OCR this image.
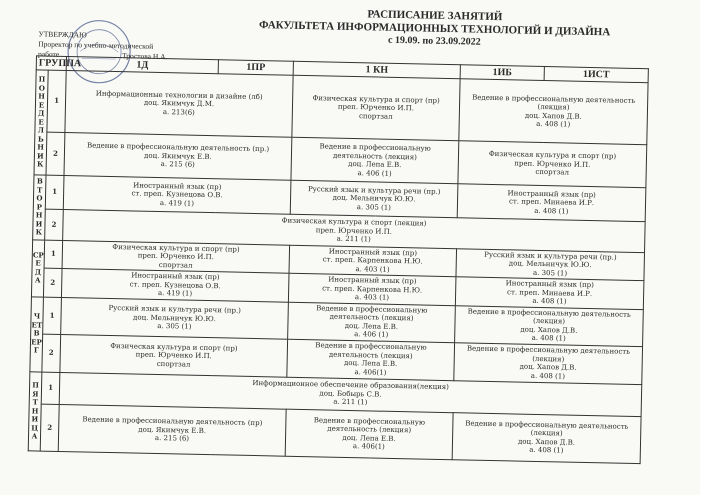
РАСПИСАНИЕ ЗАНЯТИЙ
ФАКУЛЬТЕТА ИНФОРМАЦИОННЫХ ТЕХНОЛОГИЙ И ДИЗАЙНА
с 19.09. по 23.09.2022
УТВЕРЖДАЮ
Проректор по учебно-методической
работе	Тростова Н.А.
ГРУППА		1Д	1ПР	1 КН	1ИБ	1ИСТ
ПОНЕДЕЛЬНИК	1	Информационные технологии в дизайне (лб)
доц. Якимчук Д.М.
а. 213(6)		Физическая культура и спорт (пр)
преп. Юрченко И.П.
спортзал	Ведение в профессиональную деятельность (лекция)
доц. Хапов Д.В.
а. 408 (1)	
	2	Ведение в профессиональную деятельность (пр.)
доц. Якимчук Е.В.
а. 215 (6)		Ведение в профессиональную деятельность (лекция)
доц. Лепа Е.В.
а. 406 (1)	Физическая культура и спорт (пр)
преп. Юрченко И.П.
спортзал	
ВТОРНИК	1	Иностранный язык (пр)
ст. преп. Кузнецова О.В.
а. 419 (1)		Русский язык и культура речи (пр.)
доц. Мельничук Ю.Ю.
а. 305 (1)	Иностранный язык (пр)
ст. преп. Минаева И.Р.
а. 408 (1)	
	2	Физическая культура и спорт (лекция)
преп. Юрченко И.П.
а. 211 (1)				
СРЕДА	1	Физическая культура и спорт (пр)
преп. Юрченко И.П.
спортзал		Иностранный язык (пр)
ст. преп. Карпенкова Н.Ю.
а. 403 (1)	Русский язык и культура речи (пр.)
доц. Мельничук Ю.Ю.
а. 305 (1)	
	2	Иностранный язык (пр)
ст. преп. Кузнецова О.В.
а. 419 (1)		Иностранный язык (пр)
ст. преп. Карпенкова Н.Ю.
а. 403 (1)	Иностранный язык (пр)
ст. преп. Минаева И.Р.
а. 408 (1)	
ЧЕТВЕРГ	1	Русский язык и культура речи (пр.)
доц. Мельничук Ю.Ю.
а. 305 (1)		Ведение в профессиональную деятельность (лекция)
доц. Лепа Е.В.
а. 406 (1)	Ведение в профессиональную деятельность (лекция)
доц. Хапов Д.В.
а. 408 (1)	
	2	Физическая культура и спорт (пр)
преп. Юрченко И.П.
спортзал		Ведение в профессиональную деятельность (лекция)
доц. Лепа Е.В.
а. 406(1)	Ведение в профессиональную деятельность (лекция)
доц. Хапов Д.В.
а. 408 (1)	
ПЯТНИЦА	1	Информационное обеспечение образования(лекция)
доц. Бобырь С.В.
а. 211 (1)				
	2	Ведение в профессиональную деятельность (пр)
доц. Якимчук Е.В.
а. 215 (6)		Ведение в профессиональную деятельность (лекция)
доц. Лепа Е.В.
а. 406(1)	Ведение в профессиональную деятельность (лекция)
доц. Хапов Д.В.
а. 408 (1)	
